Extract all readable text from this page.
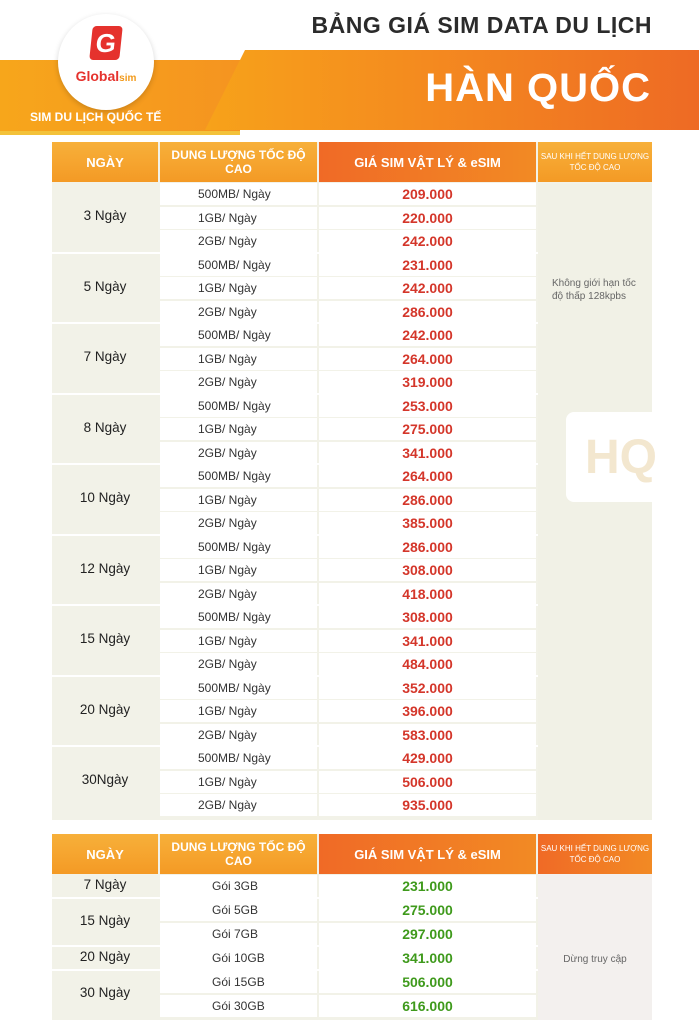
BẢNG GIÁ SIM DATA DU LỊCH
HÀN QUỐC
SIM DU LỊCH QUỐC TẾ
G
Globalsim
NGÀY	DUNG LƯỢNG TỐC ĐỘ CAO	GIÁ SIM VẬT LÝ & eSIM	SAU KHI HẾT DUNG LƯỢNG TỐC ĐỘ CAO
Không giới hạn tốc độ thấp 128kpbs
3 Ngày
500MB/ Ngày	209.000
1GB/ Ngày	220.000
2GB/ Ngày	242.000
5 Ngày
500MB/ Ngày	231.000
1GB/ Ngày	242.000
2GB/ Ngày	286.000
7 Ngày
500MB/ Ngày	242.000
1GB/ Ngày	264.000
2GB/ Ngày	319.000
8 Ngày
500MB/ Ngày	253.000
1GB/ Ngày	275.000
2GB/ Ngày	341.000
10 Ngày
500MB/ Ngày	264.000
1GB/ Ngày	286.000
2GB/ Ngày	385.000
12 Ngày
500MB/ Ngày	286.000
1GB/ Ngày	308.000
2GB/ Ngày	418.000
15 Ngày
500MB/ Ngày	308.000
1GB/ Ngày	341.000
2GB/ Ngày	484.000
20 Ngày
500MB/ Ngày	352.000
1GB/ Ngày	396.000
2GB/ Ngày	583.000
30Ngày
500MB/ Ngày	429.000
1GB/ Ngày	506.000
2GB/ Ngày	935.000
HQ
NGÀY	DUNG LƯỢNG TỐC ĐỘ CAO	GIÁ SIM VẬT LÝ & eSIM	SAU KHI HẾT DUNG LƯỢNG TỐC ĐỘ CAO
Dừng truy cập
7 Ngày	Gói 3GB	231.000
15 Ngày
Gói 5GB	275.000
Gói 7GB	297.000
20 Ngày	Gói 10GB	341.000
30 Ngày
Gói 15GB	506.000
Gói 30GB	616.000
